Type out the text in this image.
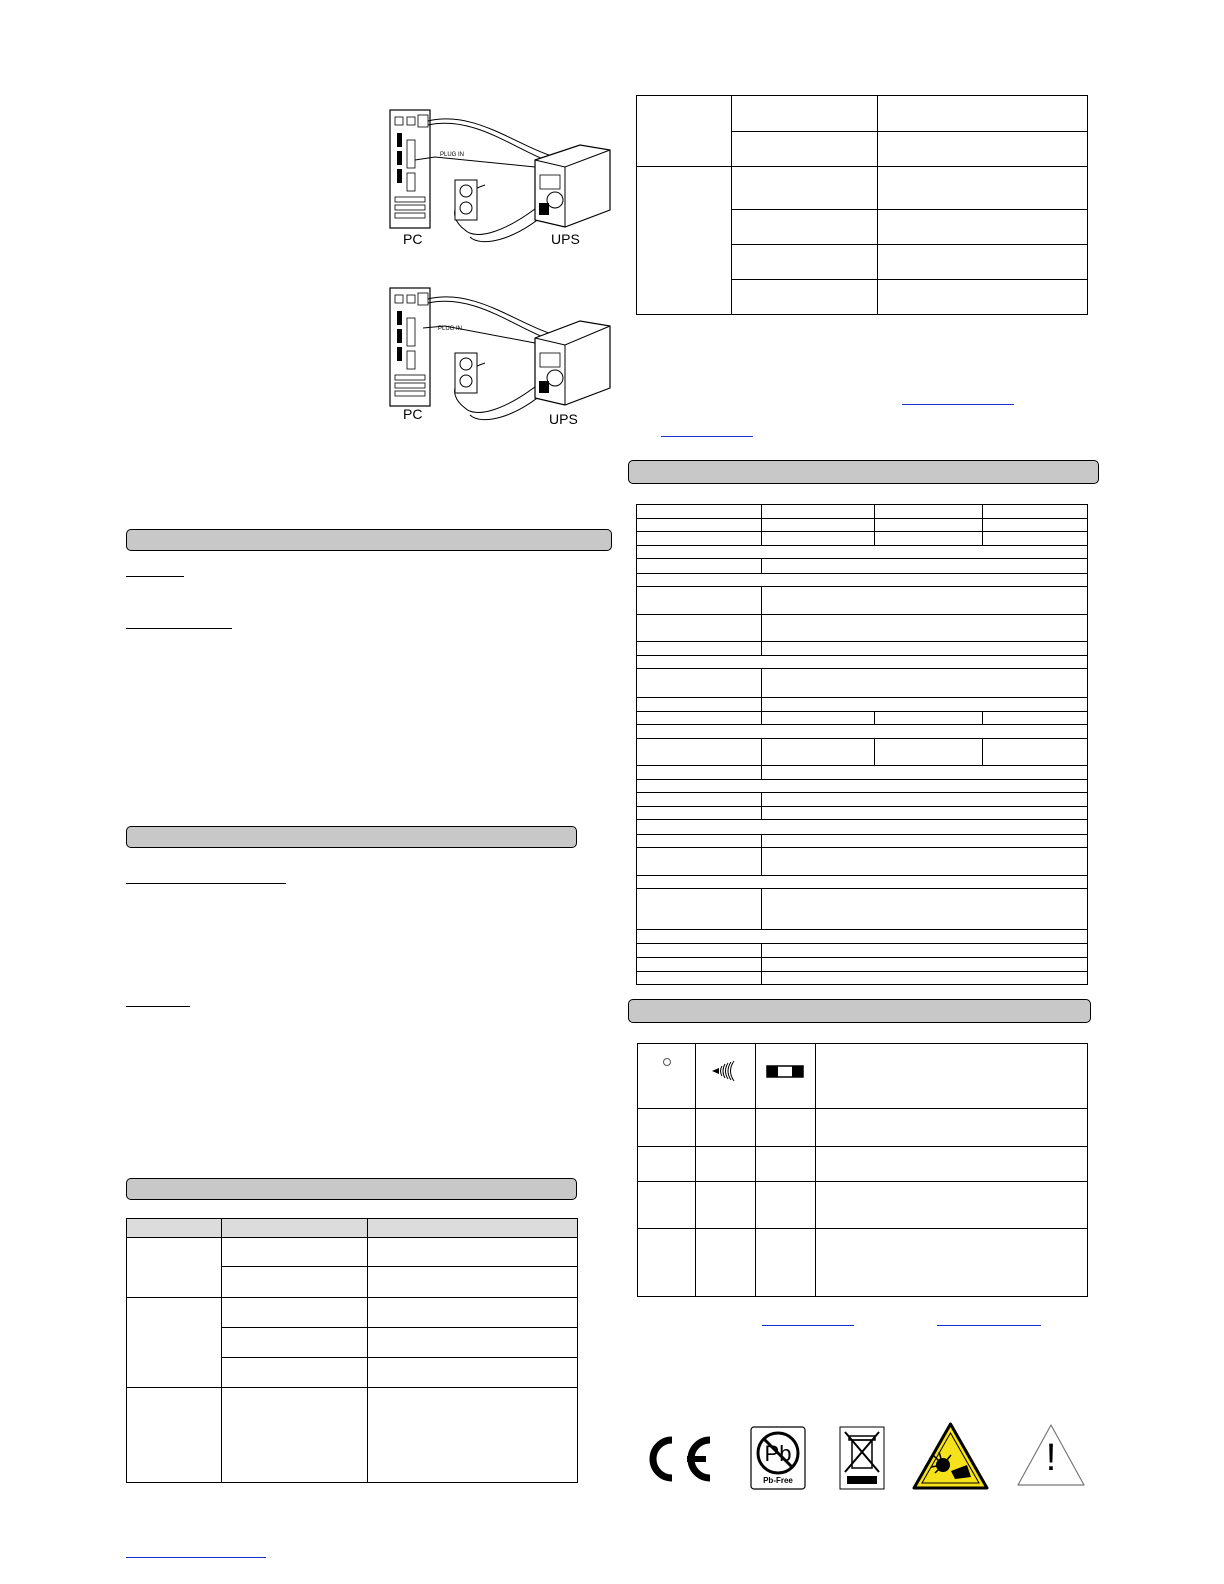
PC	UPS
PLUG IN
PC	UPS
PLUG IN

Pb
Pb-Free
!
